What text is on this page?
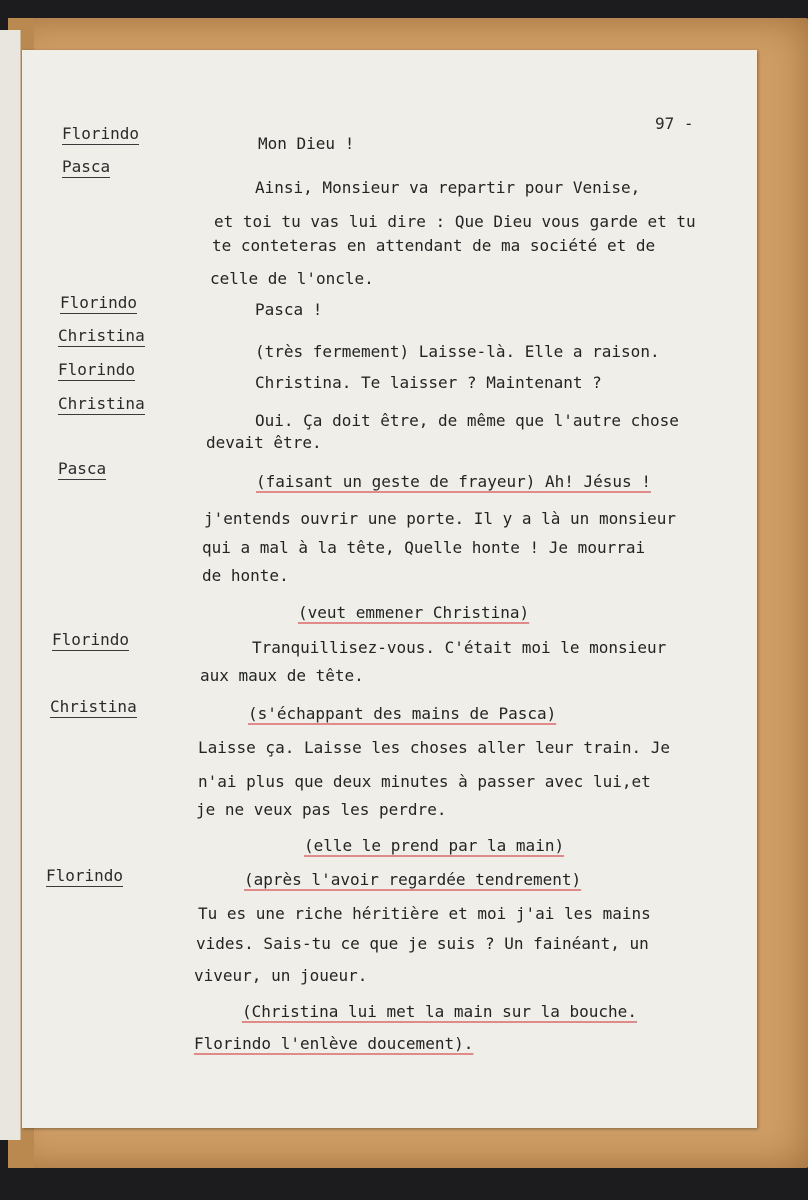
97 -
Florindo
Pasca
Florindo
Christina
Florindo
Christina
Pasca
Florindo
Christina
Florindo
Mon Dieu !
Ainsi, Monsieur va repartir pour Venise,
et toi tu vas lui dire : Que Dieu vous garde et tu
te conteteras en attendant de ma société et de
celle de l'oncle.
Pasca !
(très fermement) Laisse-là. Elle a raison.
Christina. Te laisser ? Maintenant ?
Oui. Ça doit être, de même que l'autre chose
devait être.
(faisant un geste de frayeur) Ah! Jésus !
j'entends ouvrir une porte. Il y a là un monsieur
qui a mal à la tête, Quelle honte ! Je mourrai
de honte.
(veut emmener Christina)
Tranquillisez-vous. C'était moi le monsieur
aux maux de tête.
(s'échappant des mains de Pasca)
Laisse ça. Laisse les choses aller leur train. Je
n'ai plus que deux minutes à passer avec lui,et
je ne veux pas les perdre.
(elle le prend par la main)
(après l'avoir regardée tendrement)
Tu es une riche héritière et moi j'ai les mains
vides. Sais-tu ce que je suis ? Un fainéant, un
viveur, un joueur.
(Christina lui met la main sur la bouche.
Florindo l'enlève doucement).
